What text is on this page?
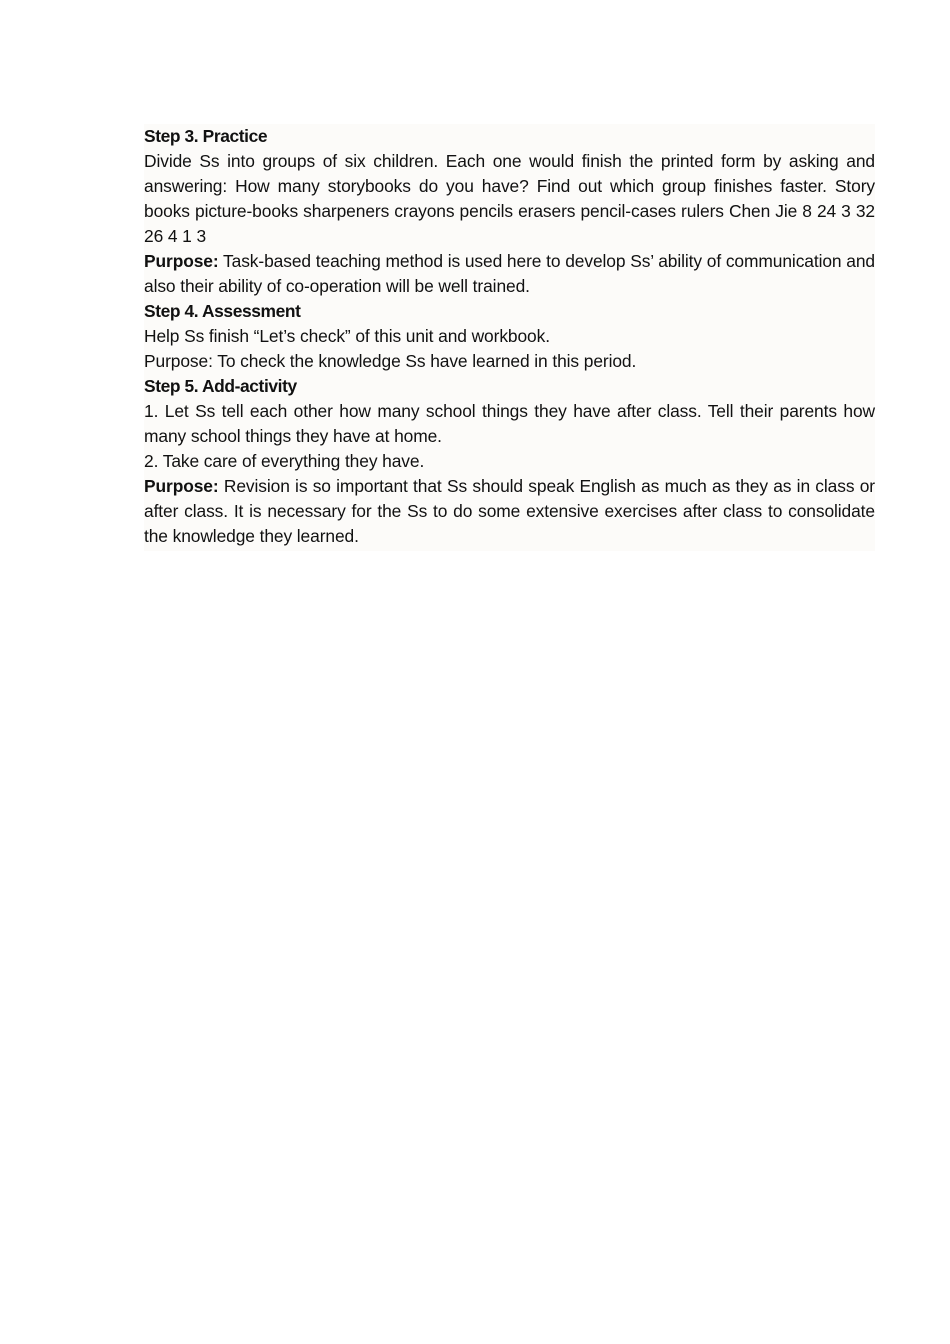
Step 3. Practice

Divide Ss into groups of six children. Each one would finish the printed form by asking and answering: How many storybooks do you have? Find out which group finishes faster. Story books picture-books sharpeners crayons pencils erasers pencil-cases rulers Chen Jie 8 24 3 32 26 4 1 3

Purpose: Task-based teaching method is used here to develop Ss’ ability of communication and also their ability of co-operation will be well trained.

Step 4. Assessment

Help Ss finish “Let’s check” of this unit and workbook.

Purpose: To check the knowledge Ss have learned in this period.

Step 5. Add-activity

1. Let Ss tell each other how many school things they have after class. Tell their parents how many school things they have at home.

2. Take care of everything they have.

Purpose: Revision is so important that Ss should speak English as much as they as in class or after class. It is necessary for the Ss to do some extensive exercises after class to consolidate the knowledge they learned.
